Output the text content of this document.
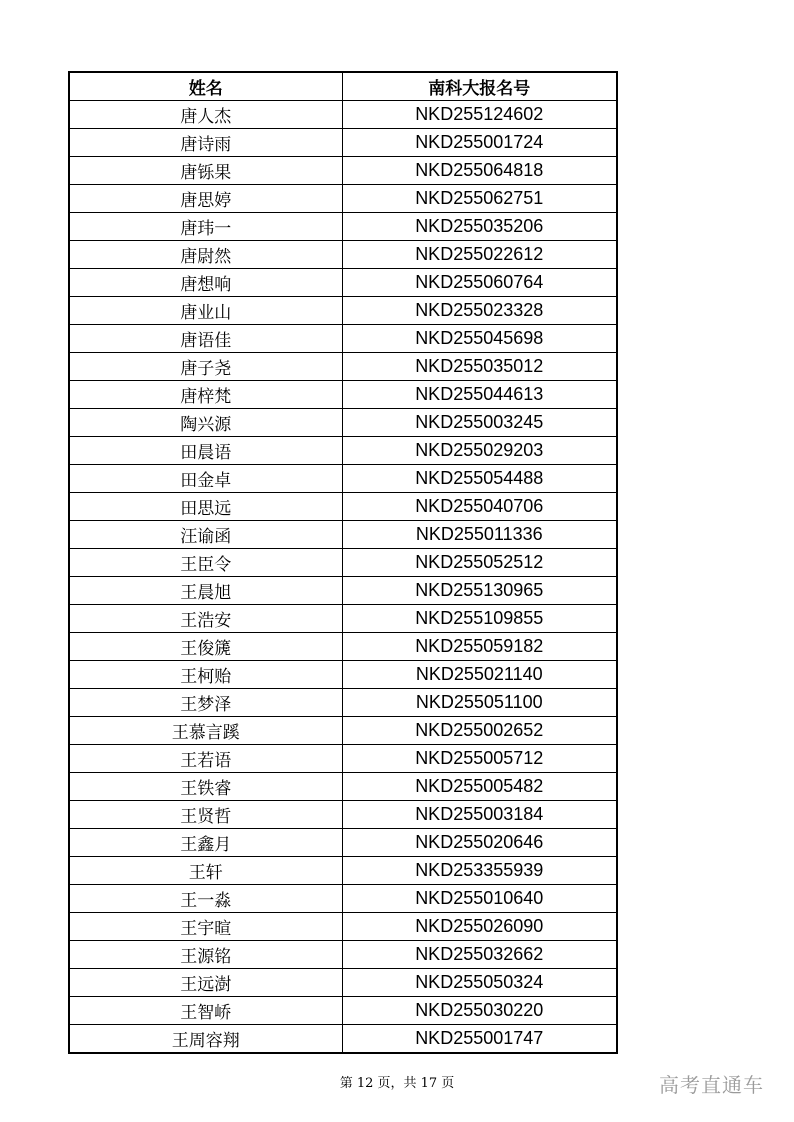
姓名	南科大报名号
唐人杰	NKD255124602
唐诗雨	NKD255001724
唐铄果	NKD255064818
唐思婷	NKD255062751
唐玮一	NKD255035206
唐尉然	NKD255022612
唐想响	NKD255060764
唐业山	NKD255023328
唐语佳	NKD255045698
唐子尧	NKD255035012
唐梓梵	NKD255044613
陶兴源	NKD255003245
田晨语	NKD255029203
田金卓	NKD255054488
田思远	NKD255040706
汪谕函	NKD255011336
王臣令	NKD255052512
王晨旭	NKD255130965
王浩安	NKD255109855
王俊篪	NKD255059182
王柯贻	NKD255021140
王梦泽	NKD255051100
王慕言蹊	NKD255002652
王若语	NKD255005712
王铁睿	NKD255005482
王贤哲	NKD255003184
王鑫月	NKD255020646
王轩	NKD253355939
王一淼	NKD255010640
王宇暄	NKD255026090
王源铭	NKD255032662
王远澍	NKD255050324
王智峤	NKD255030220
王周容翔	NKD255001747
第 12 页，共 17 页	高考直通车
